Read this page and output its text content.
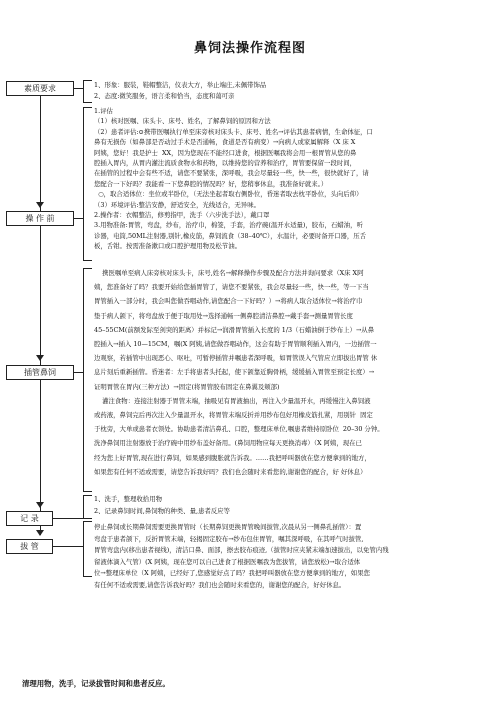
鼻饲法操作流程图
素质要求
操 作 前
插管鼻饲
记 录
拔 管

1、形象：服装，鞋帽整洁，仪表大方，举止端庄,未佩带饰品

2、态度:微笑服务，语言柔和恰当，态度和蔼可亲

1.评估

（1）核对医嘱、床头卡、床号、姓名，了解鼻饲的原因和方法

（2）患者评估:⊙携带医嘱执行单至床旁核对床头卡、床号、姓名→评估其患者病情，生命体征，口

鼻有无损伤（如鼻部是否动过手术是否通畅，食道是否有病变）→向病人或家属解释（X 床 X

阿姨，您好！我是护士  XX，因为您现在不能经口进食，根据医嘱我将会用一根胃管从您的鼻

腔插入胃内，从胃内灌注流质食物水和药物，以维持您的营养和治疗，胃管要保留一段时间，

在插管的过程中会有些不适，请您不要紧张，深呼吸，我会尽量轻一些，快一些，很快就好了，请

您配合一下好吗？我能看一下您鼻腔的情况吗？好，您稍事休息，我准备好就来。）

○，取合适体位：坐位或半卧位，（无法坐起者取右侧卧位，昏迷者取去枕平卧位，头向后仰）

（3）环境评估:整洁安静，舒适安全，光线适合，无异味。

2.操作者：衣帽整洁，修剪指甲，洗手（六步洗手法），戴口罩

3.用物准备:胃管，弯盘，纱布，治疗巾，棉签，手套，治疗碗(温开水适量)，胶布，石蜡油，听

诊器，电筒,50ML注射器,别针,橡皮筋，鼻饲流食（38–40℃），水温计，必要时备开口器，压舌

板，舌钳。按需准备漱口或口腔护理用物及松节油。

携医嘱单至病人床旁核对床头卡，床号,姓名→解释操作步骤及配合方法并询问要求（X床 X阿

姨，您准备好了吗？我要开始给您插胃管了，请您不要紧张，我会尽量轻一些，快一些，等一下当

胃管插入一部分时，我会叫您做吞咽动作,请您配合一下好吗？）→将病人取合适体位→将治疗巾

垫于病人颌下，将弯盘放于便于取用处→选择通畅一侧鼻腔清洁鼻腔→戴手套→测量胃管长度

45–55CM(前额发际至剑突的距离）并标记→润滑胃管插入长度的 1/3（石蜡油倒于纱布上）→从鼻

腔插入→插入 10—15CM，嘱(X 阿姨,请您做吞咽动作，这会有助于胃管顺利插入胃内，一边插管一

边观察，若插管中出现恶心、呕吐，可暂停插管并嘱患者深呼吸，如胃管误入气管应立即拔出胃管 休

息片刻后重新插管。昏迷者：左手将患者头托起，使下颌靠近胸骨柄，缓缓插入胃管至预定长度）→

证明胃管在胃内(三种方法)  →固定(将胃管胶布固定在鼻翼及颊部)

灌注食物：连接注射器于胃管末端，抽吸见有胃液抽出，再注入少量温开水，再缓慢注入鼻饲液

或药液，鼻饲完后再次注入少量温开水，将胃管末端反折并用纱布包好用橡皮筋扎紧，用别针  固定

于枕旁，大单或患者衣领处。协助患者清洁鼻孔、口腔，整理床单位,嘱患者维持原卧位  20–30 分钟。

洗净鼻饲用注射器放于治疗碗中用纱布盖好备用。(鼻饲用物应每天更换消毒）（X 阿姨，现在已

经为您上好胃管,现在进行鼻饲，如果感到腹胀就告诉我。……我把呼叫器放在您方便拿到的地方，

如果您有任何不适或需要，请您告诉我好吗？我们也会随时来看您的,谢谢您的配合，好 好休息）

1、洗手，整理收拾用物

2、记录鼻饲时间,鼻饲物的种类、量,患者反应等

停止鼻饲或长期鼻饲需要更换胃管时（长期鼻饲更换胃管晚间拔管,次晨从另一侧鼻孔插管）：置

弯盘于患者颌下，反折胃管末端，轻揭固定胶布→纱布包住胃管，嘱其深呼吸，在其呼气时拔管,

胃管弯盘内(移出患者视线)，清洁口鼻、面部，擦去胶布痕迹,（拔管时应夹紧末端加速拔出，以免管内残

留液体滴入气管）(X 阿姨，现在您可以自己进食了根据医嘱我为您拔管，请您放松)→取合适体

位→整理床单位（X 阿姨，已经好了,您感觉好点了吗？我把呼叫器放在您方便拿到的地方，如果您

有任何不适或需要,请您告诉我好吗？我们也会随时来看您的，谢谢您的配合，好好休息。

清理用物，洗手，记录拔管时间和患者反应。
